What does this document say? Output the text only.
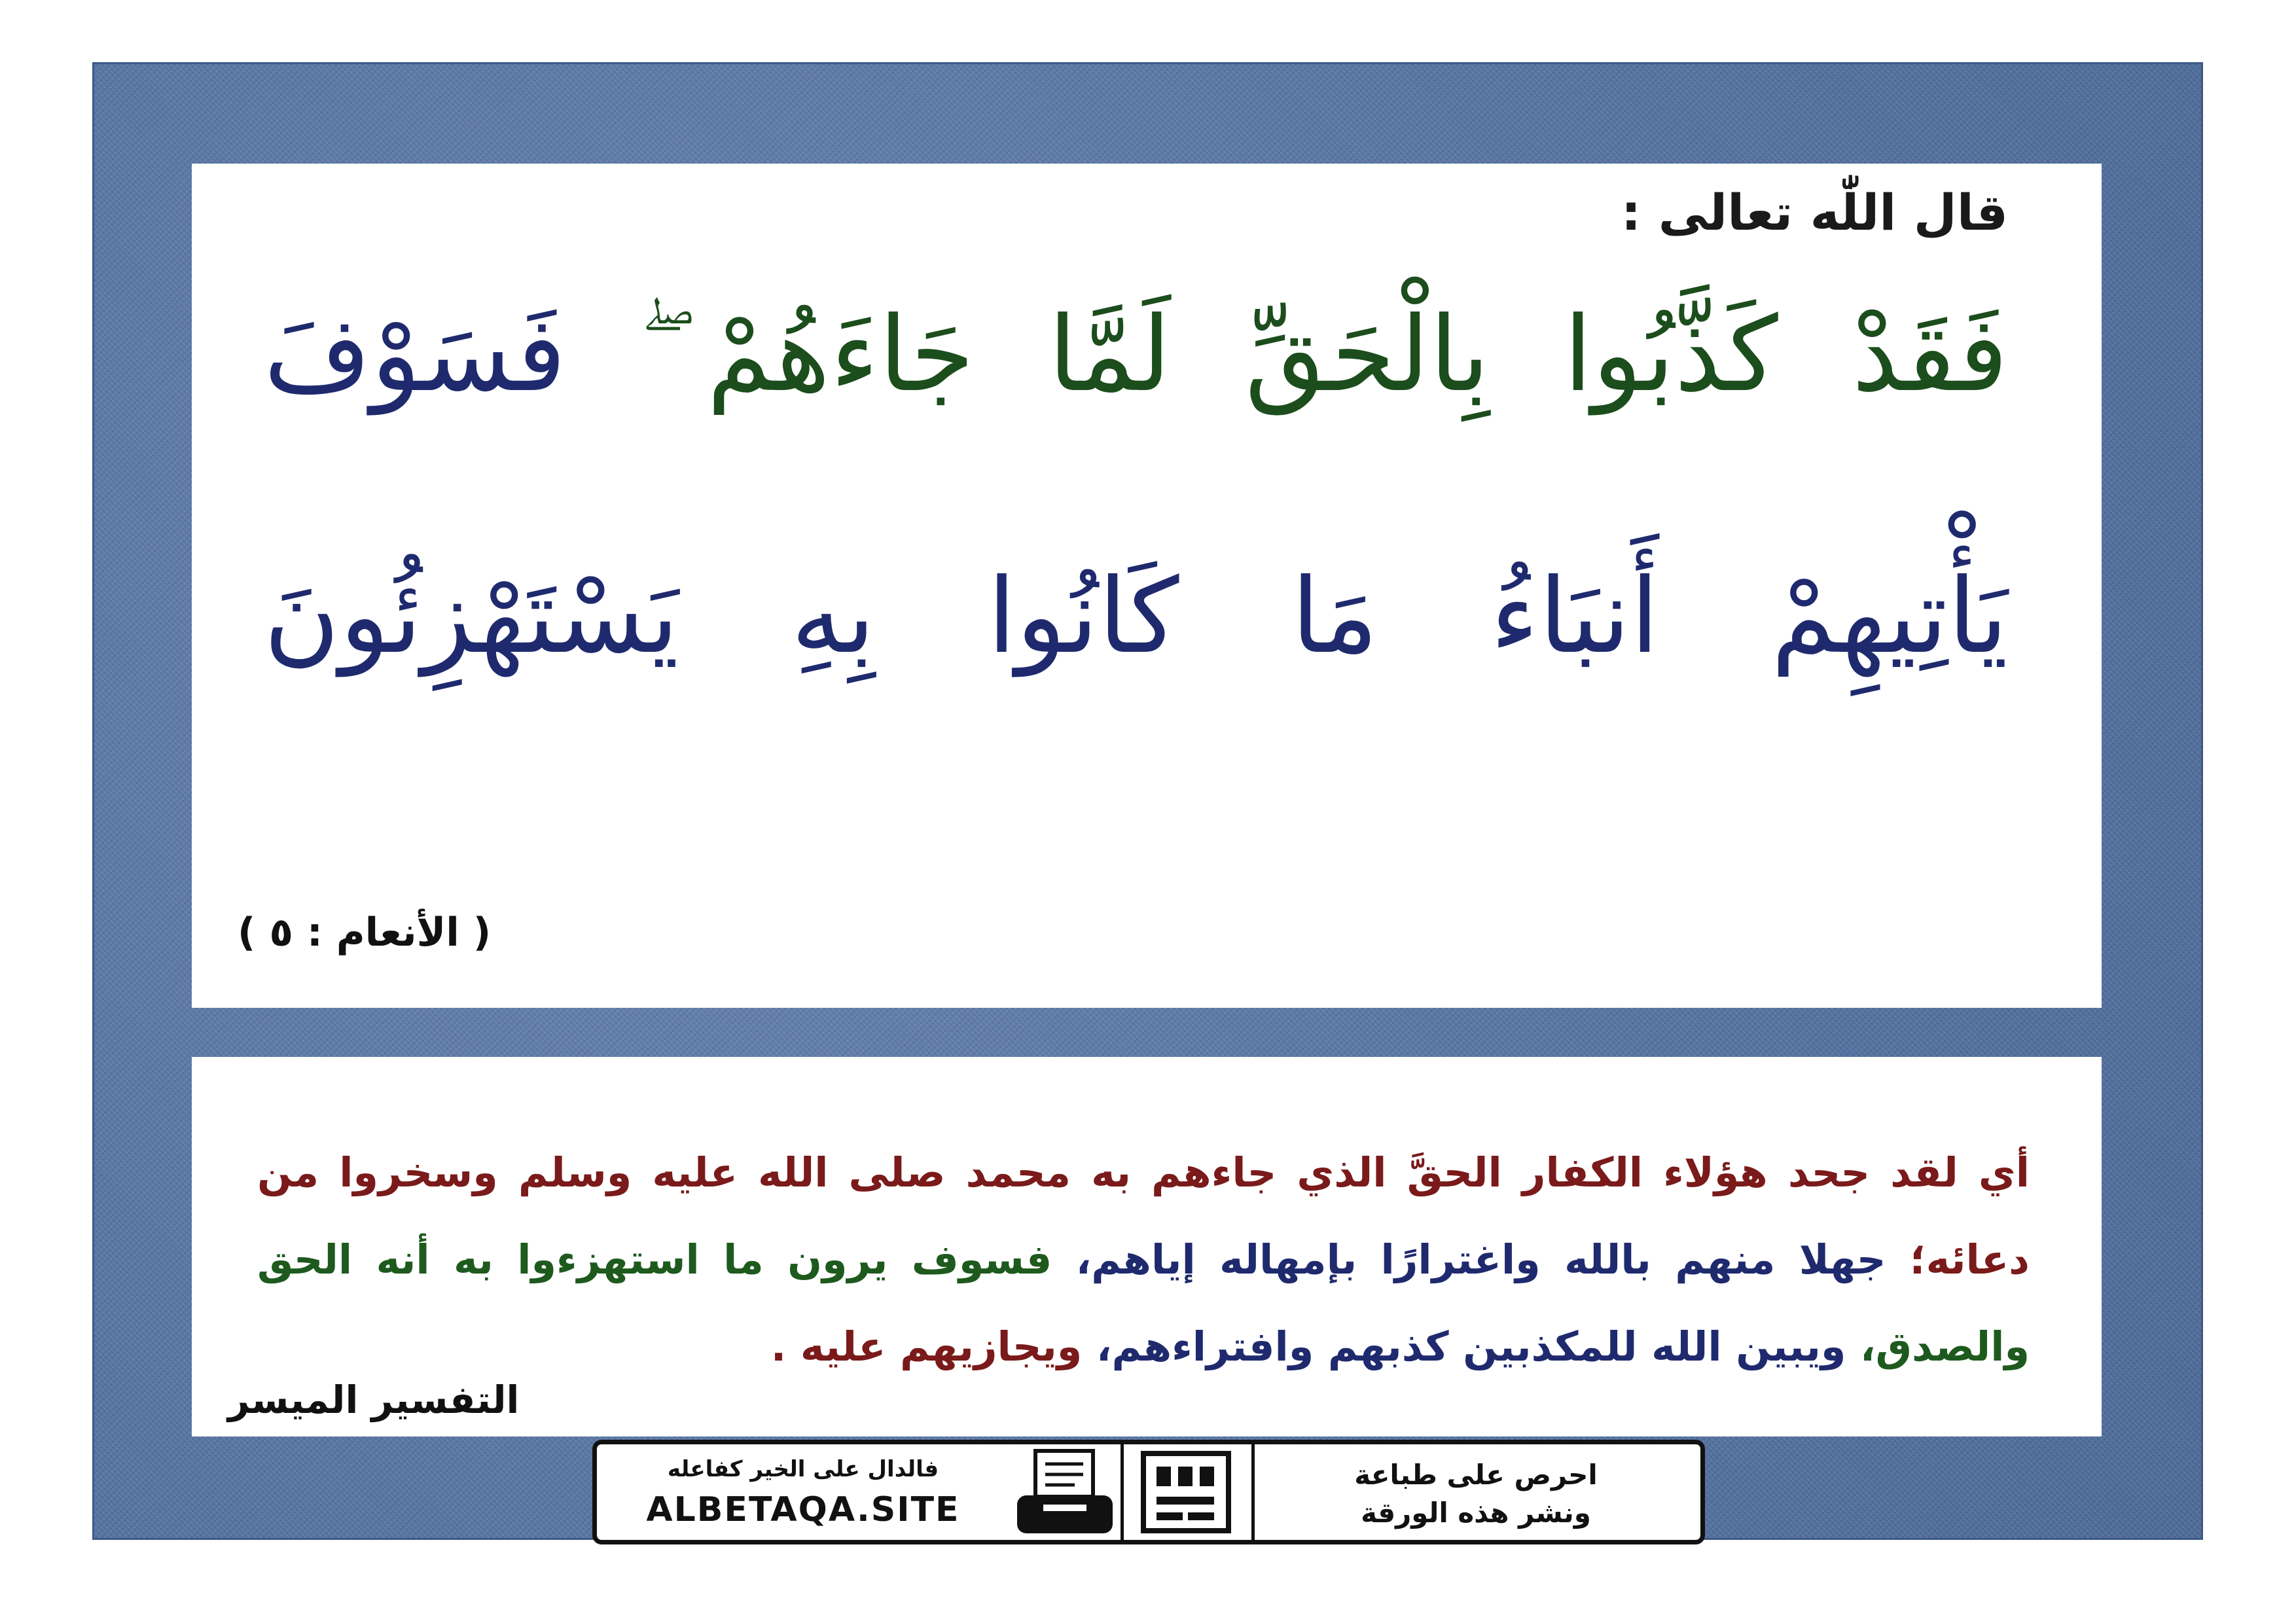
قال اللّٰه تعالى :
فَقَدْ كَذَّبُوا بِالْحَقِّ لَمَّا جَاءَهُمْ ۖ فَسَوْفَ
يَأْتِيهِمْ أَنبَاءُ مَا كَانُوا بِهِ يَسْتَهْزِئُونَ
( الأنعام : ٥ )
أي لقد جحد هؤلاء الكفار الحقَّ الذي جاءهم به محمد صلى الله عليه وسلم وسخروا من دعائه؛ جهلا منهم بالله واغترارًا بإمهاله إياهم، فسوف يرون ما استهزءوا به أنه الحق والصدق، ويبين الله للمكذبين كذبهم وافتراءهم، ويجازيهم عليه .
التفسير الميسر
فالدال على الخير كفاعله
ALBETAQA.SITE
احرص على طباعة
ونشر هذه الورقة
